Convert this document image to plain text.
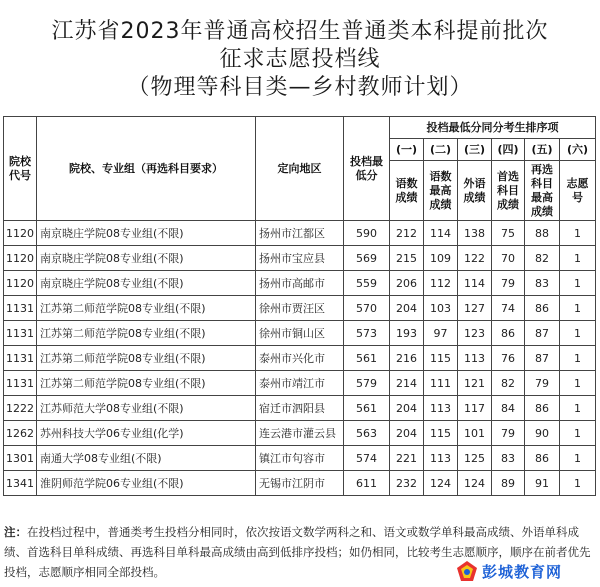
江苏省2023年普通高校招生普通类本科提前批次
征求志愿投档线
（物理等科目类—乡村教师计划）
院校代号	院校、专业组（再选科目要求）	定向地区	投档最低分	投档最低分同分考生排序项					
				(一)	(二)	(三)	(四)	(五)	(六)
				语数成绩	语数最高成绩	外语成绩	首选科目成绩	再选科目最高成绩	志愿号
1120	南京晓庄学院08专业组(不限)	扬州市江都区	590	212	114	138	75	88	1
1120	南京晓庄学院08专业组(不限)	扬州市宝应县	569	215	109	122	70	82	1
1120	南京晓庄学院08专业组(不限)	扬州市高邮市	559	206	112	114	79	83	1
1131	江苏第二师范学院08专业组(不限)	徐州市贾汪区	570	204	103	127	74	86	1
1131	江苏第二师范学院08专业组(不限)	徐州市铜山区	573	193	97	123	86	87	1
1131	江苏第二师范学院08专业组(不限)	泰州市兴化市	561	216	115	113	76	87	1
1131	江苏第二师范学院08专业组(不限)	泰州市靖江市	579	214	111	121	82	79	1
1222	江苏师范大学08专业组(不限)	宿迁市泗阳县	561	204	113	117	84	86	1
1262	苏州科技大学06专业组(化学)	连云港市灌云县	563	204	115	101	79	90	1
1301	南通大学08专业组(不限)	镇江市句容市	574	221	113	125	83	86	1
1341	淮阴师范学院06专业组(不限)	无锡市江阴市	611	232	124	124	89	91	1
注：在投档过程中，普通类考生投档分相同时，依次按语文数学两科之和、语文或数学单科最高成绩、外语单科成绩、首选科目单科成绩、再选科目单科最高成绩由高到低排序投档；如仍相同，比较考生志愿顺序，顺序在前者优先投档，志愿顺序相同全部投档。	彭城教育网
